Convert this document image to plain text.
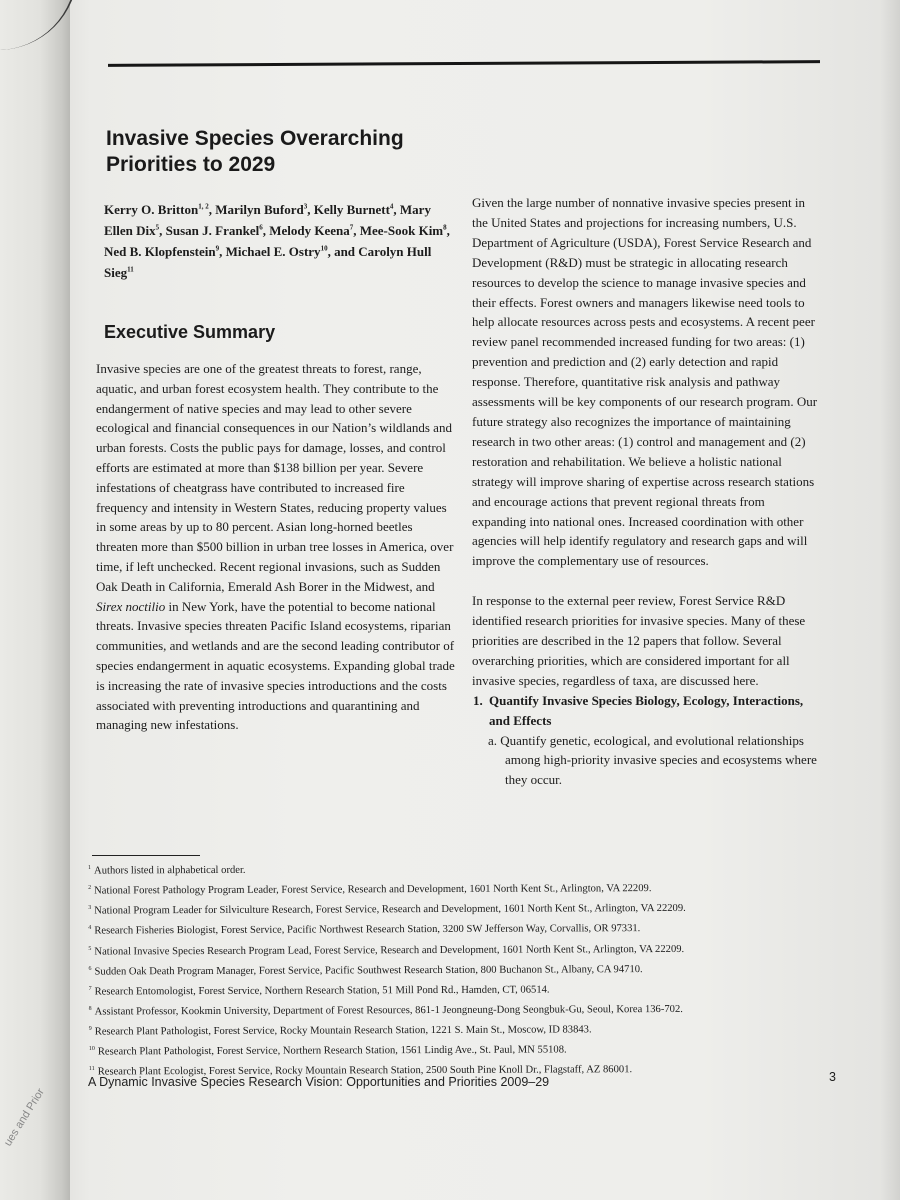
ues and Prior
Invasive Species Overarching Priorities to 2029

Kerry O. Britton$^{1, 2}$, Marilyn Buford$^3$, Kelly Burnett$^4$, Mary Ellen Dix$^5$, Susan J. Frankel$^6$, Melody Keena$^7$, Mee-Sook Kim$^8$, Ned B. Klopfenstein$^9$, Michael E. Ostry$^{10}$, and Carolyn Hull Sieg$^{11}$

Executive Summary

Invasive species are one of the greatest threats to forest, range, aquatic, and urban forest ecosystem health. They contribute to the endangerment of native species and may lead to other severe ecological and financial consequences in our Nation’s wildlands and urban forests. Costs the public pays for damage, losses, and control efforts are estimated at more than $138 billion per year. Severe infestations of cheatgrass have contributed to increased fire frequency and intensity in Western States, reducing property values in some areas by up to 80 percent. Asian long-horned beetles threaten more than $500 billion in urban tree losses in America, over time, if left unchecked. Recent regional invasions, such as Sudden Oak Death in California, Emerald Ash Borer in the Midwest, and Sirex noctilio in New York, have the potential to become national threats. Invasive species threaten Pacific Island ecosystems, riparian communities, and wetlands and are the second leading contributor of species endangerment in aquatic ecosystems. Expanding global trade is increasing the rate of invasive species introductions and the costs associated with preventing introductions and quarantining and managing new infestations.

Given the large number of nonnative invasive species present in the United States and projections for increasing numbers, U.S. Department of Agriculture (USDA), Forest Service Research and Development (R&D) must be strategic in allocating research resources to develop the science to manage invasive species and their effects. Forest owners and managers likewise need tools to help allocate resources across pests and ecosystems. A recent peer review panel recommended increased funding for two areas: (1) prevention and prediction and (2) early detection and rapid response. Therefore, quantitative risk analysis and pathway assessments will be key components of our research program. Our future strategy also recognizes the importance of maintaining research in two other areas: (1) control and management and (2) restoration and rehabilitation. We believe a holistic national strategy will improve sharing of expertise across research stations and encourage actions that prevent regional threats from expanding into national ones. Increased coordination with other agencies will help identify regulatory and research gaps and will improve the complementary use of resources.

In response to the external peer review, Forest Service R&D identified research priorities for invasive species. Many of these priorities are described in the 12 papers that follow. Several overarching priorities, which are considered important for all invasive species, regardless of taxa, are discussed here.

1. Quantify Invasive Species Biology, Ecology, Interactions, and Effects

a. Quantify genetic, ecological, and evolutional relationships among high-priority invasive species and ecosystems where they occur.

$^1$ Authors listed in alphabetical order.
$^2$ National Forest Pathology Program Leader, Forest Service, Research and Development, 1601 North Kent St., Arlington, VA 22209.
$^3$ National Program Leader for Silviculture Research, Forest Service, Research and Development, 1601 North Kent St., Arlington, VA 22209.
$^4$ Research Fisheries Biologist, Forest Service, Pacific Northwest Research Station, 3200 SW Jefferson Way, Corvallis, OR 97331.
$^5$ National Invasive Species Research Program Lead, Forest Service, Research and Development, 1601 North Kent St., Arlington, VA 22209.
$^6$ Sudden Oak Death Program Manager, Forest Service, Pacific Southwest Research Station, 800 Buchanon St., Albany, CA 94710.
$^7$ Research Entomologist, Forest Service, Northern Research Station, 51 Mill Pond Rd., Hamden, CT, 06514.
$^8$ Assistant Professor, Kookmin University, Department of Forest Resources, 861-1 Jeongneung-Dong Seongbuk-Gu, Seoul, Korea 136-702.
$^9$ Research Plant Pathologist, Forest Service, Rocky Mountain Research Station, 1221 S. Main St., Moscow, ID 83843.
$^{10}$ Research Plant Pathologist, Forest Service, Northern Research Station, 1561 Lindig Ave., St. Paul, MN 55108.
$^{11}$ Research Plant Ecologist, Forest Service, Rocky Mountain Research Station, 2500 South Pine Knoll Dr., Flagstaff, AZ 86001.
A Dynamic Invasive Species Research Vision: Opportunities and Priorities 2009–29	3
